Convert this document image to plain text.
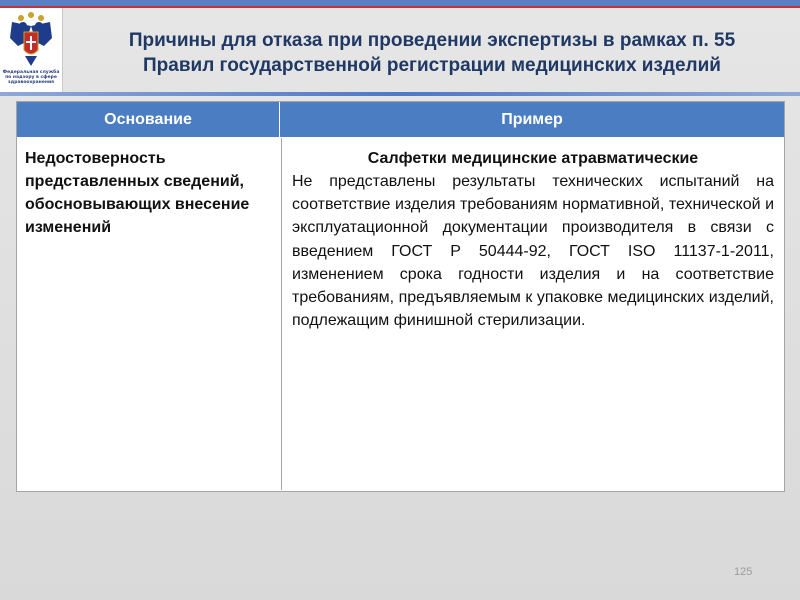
Федеральная служба
по надзору в сфере
здравоохранения
Причины для отказа при проведении экспертизы в рамках п. 55
Правил государственной регистрации медицинских изделий
Основание	Пример
Недостоверность представленных сведений, обосновывающих внесение изменений
Салфетки медицинские атравматические
Не представлены результаты технических испытаний на соответствие изделия требованиям нормативной, технической и эксплуатационной документации производителя в связи с введением ГОСТ Р 50444-92, ГОСТ ISO 11137-1-2011, изменением срока годности изделия и на соответствие требованиям, предъявляемым к упаковке медицинских изделий, подлежащим финишной стерилизации.
125
